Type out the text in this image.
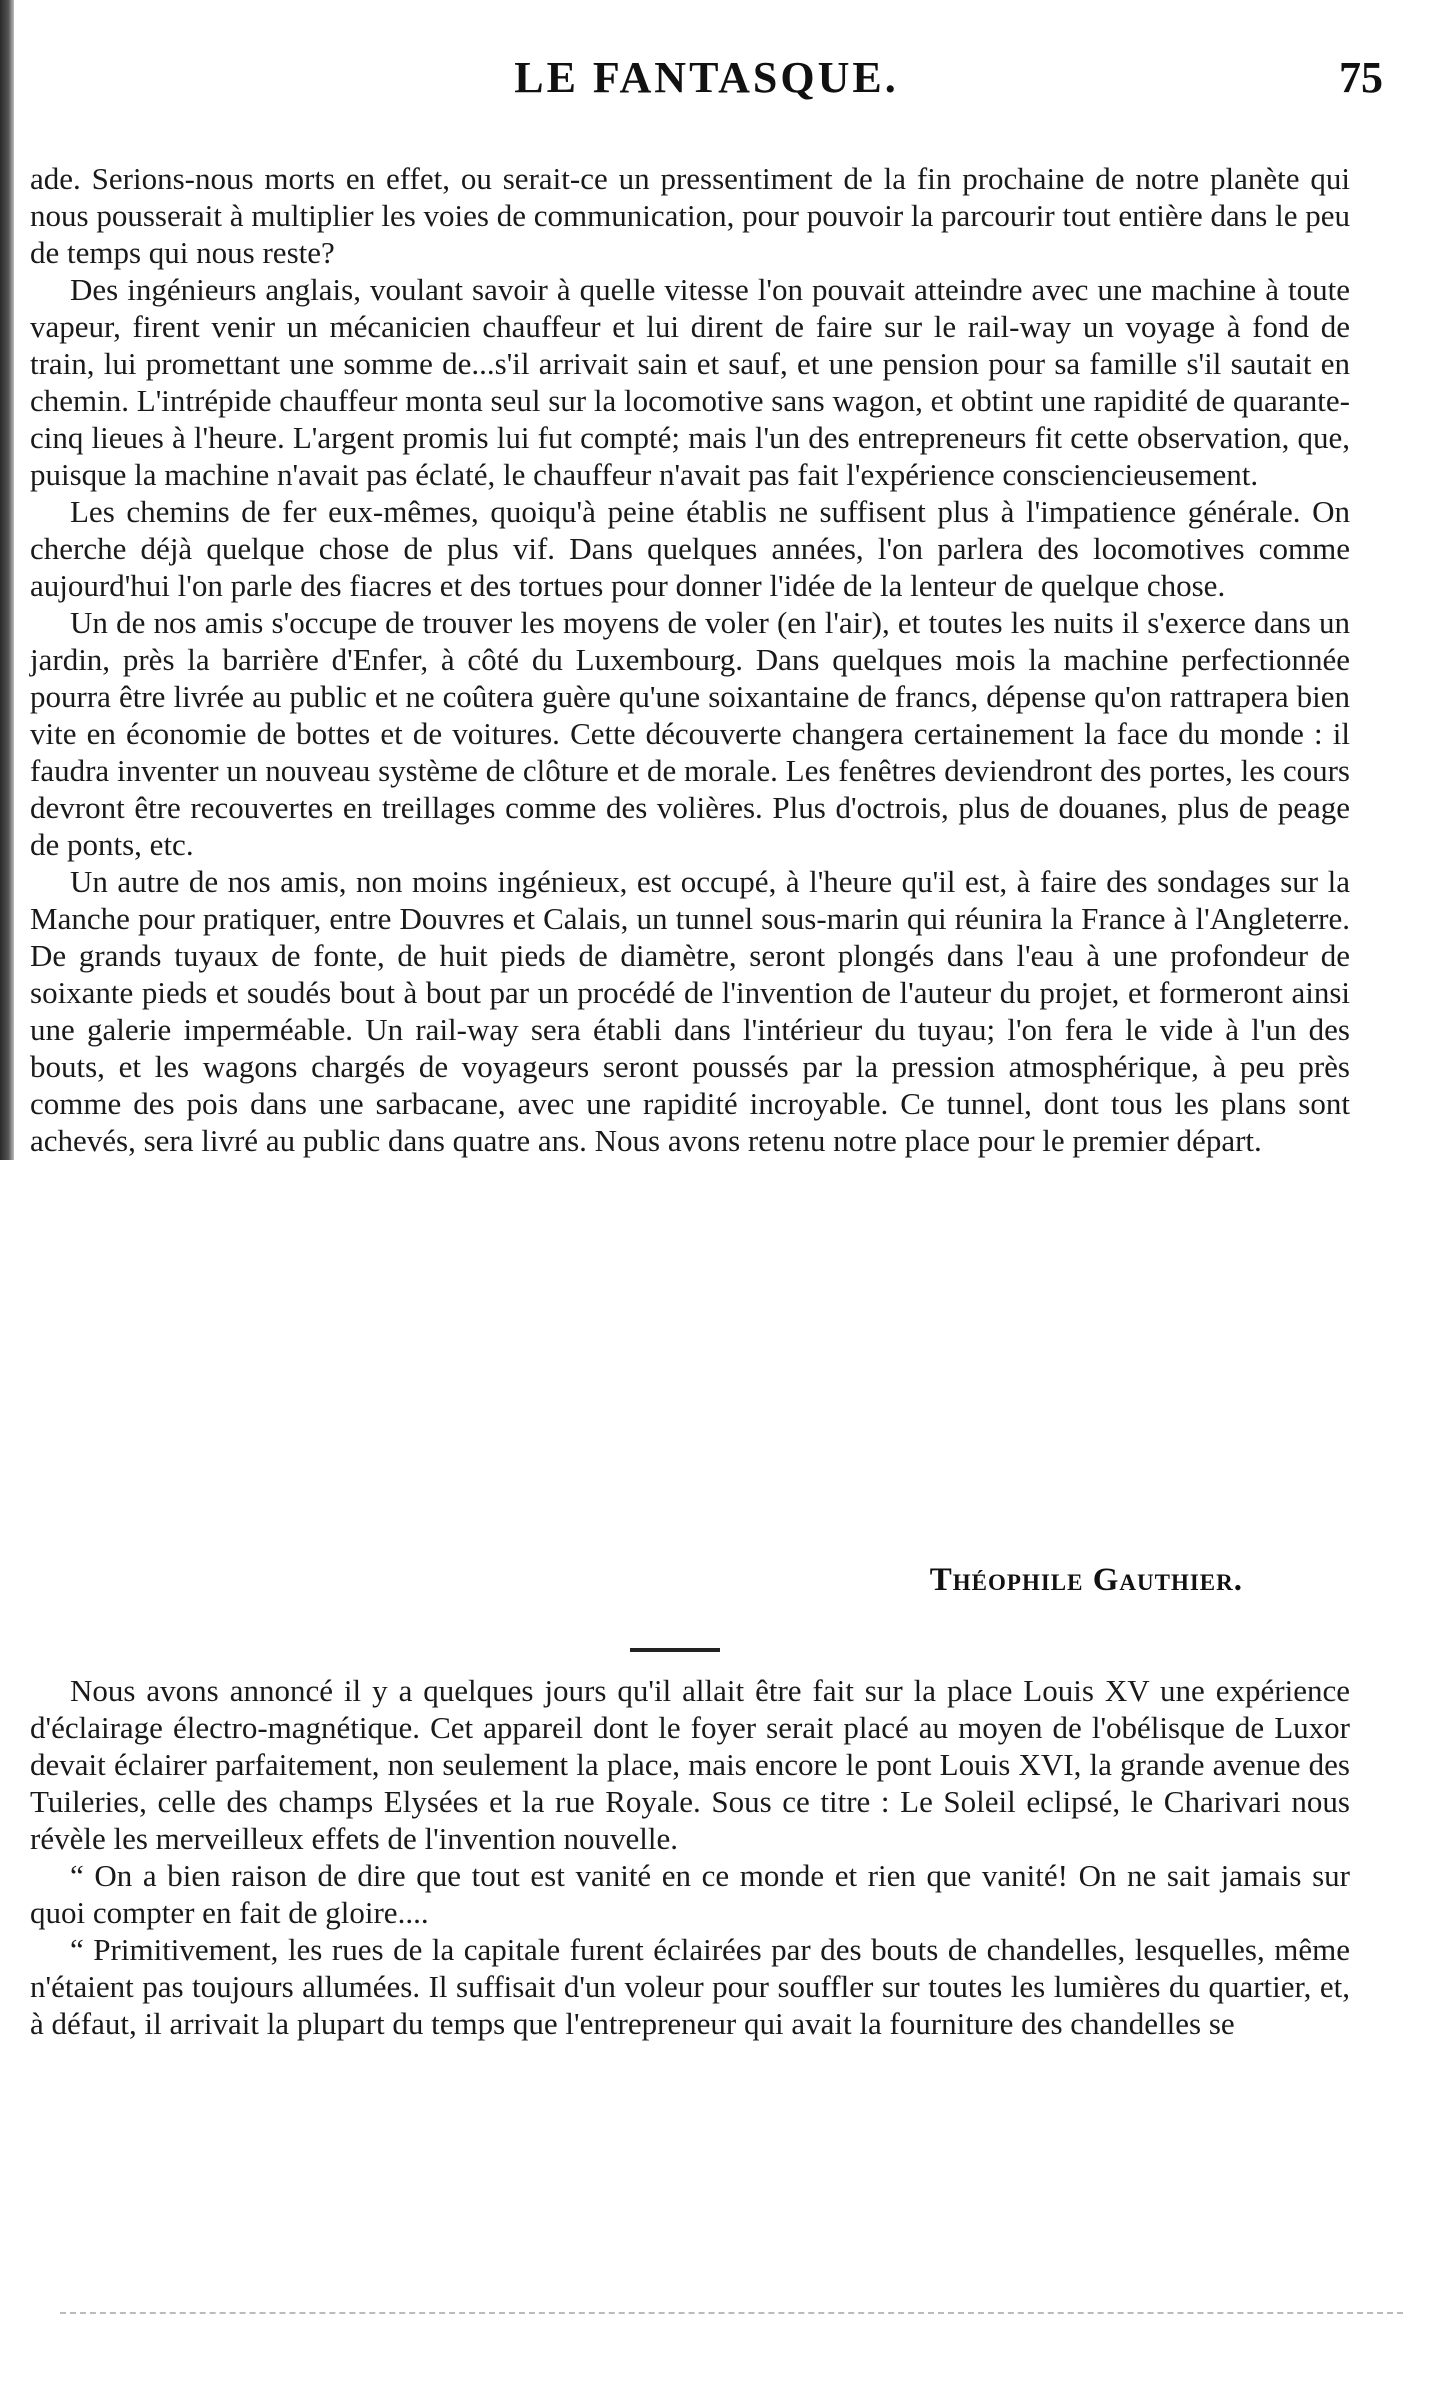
LE FANTASQUE.	75

ade. Serions-nous morts en effet, ou serait-ce un pressentiment de la fin prochaine de notre planète qui nous pousserait à multiplier les voies de communication, pour pouvoir la parcourir tout entière dans le peu de temps qui nous reste?

Des ingénieurs anglais, voulant savoir à quelle vitesse l'on pouvait atteindre avec une machine à toute vapeur, firent venir un mécanicien chauffeur et lui dirent de faire sur le rail-way un voyage à fond de train, lui promettant une somme de...s'il arrivait sain et sauf, et une pension pour sa famille s'il sautait en chemin. L'intrépide chauffeur monta seul sur la locomotive sans wagon, et obtint une rapidité de quarante-cinq lieues à l'heure. L'argent promis lui fut compté; mais l'un des entrepreneurs fit cette observation, que, puisque la machine n'avait pas éclaté, le chauffeur n'avait pas fait l'expérience consciencieusement.

Les chemins de fer eux-mêmes, quoiqu'à peine établis ne suffisent plus à l'impatience générale. On cherche déjà quelque chose de plus vif. Dans quelques années, l'on parlera des locomotives comme aujourd'hui l'on parle des fiacres et des tortues pour donner l'idée de la lenteur de quelque chose.

Un de nos amis s'occupe de trouver les moyens de voler (en l'air), et toutes les nuits il s'exerce dans un jardin, près la barrière d'Enfer, à côté du Luxembourg. Dans quelques mois la machine perfectionnée pourra être livrée au public et ne coûtera guère qu'une soixantaine de francs, dépense qu'on rattrapera bien vite en économie de bottes et de voitures. Cette découverte changera certainement la face du monde : il faudra inventer un nouveau système de clôture et de morale. Les fenêtres deviendront des portes, les cours devront être recouvertes en treillages comme des volières. Plus d'octrois, plus de douanes, plus de peage de ponts, etc.

Un autre de nos amis, non moins ingénieux, est occupé, à l'heure qu'il est, à faire des sondages sur la Manche pour pratiquer, entre Douvres et Calais, un tunnel sous-marin qui réunira la France à l'Angleterre. De grands tuyaux de fonte, de huit pieds de diamètre, seront plongés dans l'eau à une profondeur de soixante pieds et soudés bout à bout par un procédé de l'invention de l'auteur du projet, et formeront ainsi une galerie imperméable. Un rail-way sera établi dans l'intérieur du tuyau; l'on fera le vide à l'un des bouts, et les wagons chargés de voyageurs seront poussés par la pression atmosphérique, à peu près comme des pois dans une sarbacane, avec une rapidité incroyable. Ce tunnel, dont tous les plans sont achevés, sera livré au public dans quatre ans. Nous avons retenu notre place pour le premier départ.

Théophile Gauthier.

Nous avons annoncé il y a quelques jours qu'il allait être fait sur la place Louis XV une expérience d'éclairage électro-magnétique. Cet appareil dont le foyer serait placé au moyen de l'obélisque de Luxor devait éclairer parfaitement, non seulement la place, mais encore le pont Louis XVI, la grande avenue des Tuileries, celle des champs Elysées et la rue Royale. Sous ce titre : Le Soleil eclipsé, le Charivari nous révèle les merveilleux effets de l'invention nouvelle.

“ On a bien raison de dire que tout est vanité en ce monde et rien que vanité! On ne sait jamais sur quoi compter en fait de gloire....

“ Primitivement, les rues de la capitale furent éclairées par des bouts de chandelles, lesquelles, même n'étaient pas toujours allumées. Il suffisait d'un voleur pour souffler sur toutes les lumières du quartier, et, à défaut, il arrivait la plupart du temps que l'entrepreneur qui avait la fourniture des chandelles se
